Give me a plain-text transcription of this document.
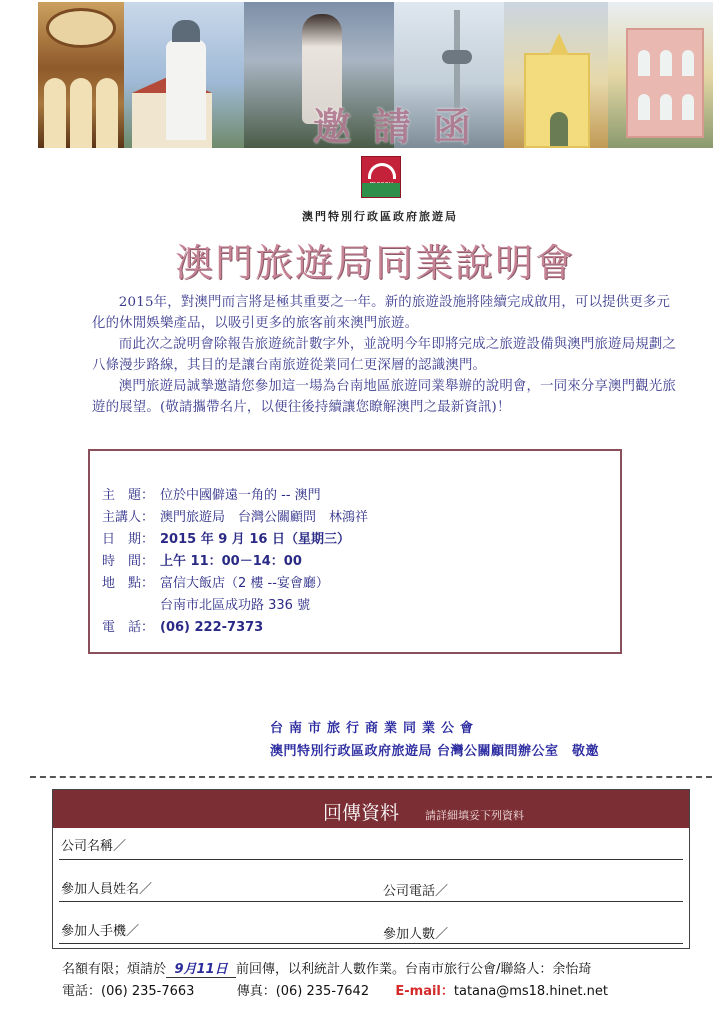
邀請函
澳門特別行政區政府旅遊局
澳門旅遊局同業說明會

2015年，對澳門而言將是極其重要之一年。新的旅遊設施將陸續完成啟用，可以提供更多元化的休閒娛樂產品，以吸引更多的旅客前來澳門旅遊。

而此次之說明會除報告旅遊統計數字外，並說明今年即將完成之旅遊設備與澳門旅遊局規劃之八條漫步路線，其目的是讓台南旅遊從業同仁更深層的認識澳門。

澳門旅遊局誠摯邀請您參加這一場為台南地區旅遊同業舉辦的說明會，一同來分享澳門觀光旅遊的展望。(敬請攜帶名片，以便往後持續讓您瞭解澳門之最新資訊)！

主　題： 位於中國僻遠一角的 -- 澳門
主講人： 澳門旅遊局　台灣公關顧問　林鴻祥
日　期： 2015 年 9 月 16 日（星期三）
時　間： 上午 11：00－14：00
地　點： 富信大飯店（2 樓 --宴會廳）
台南市北區成功路 336 號
電　話： (06) 222-7373
台南市旅行商業同業公會
澳門特別行政區政府旅遊局 台灣公關顧問辦公室　敬邀
回傳資料 請詳細填妥下列資料
公司名稱／
參加人員姓名／	公司電話／
參加人手機／	參加人數／
名額有限；煩請於 9月11日 前回傳，以利統計人數作業。台南市旅行公會/聯絡人：余怡琦
電話：(06) 235-7663	傳真：(06) 235-7642 E-mail：tatana@ms18.hinet.net
